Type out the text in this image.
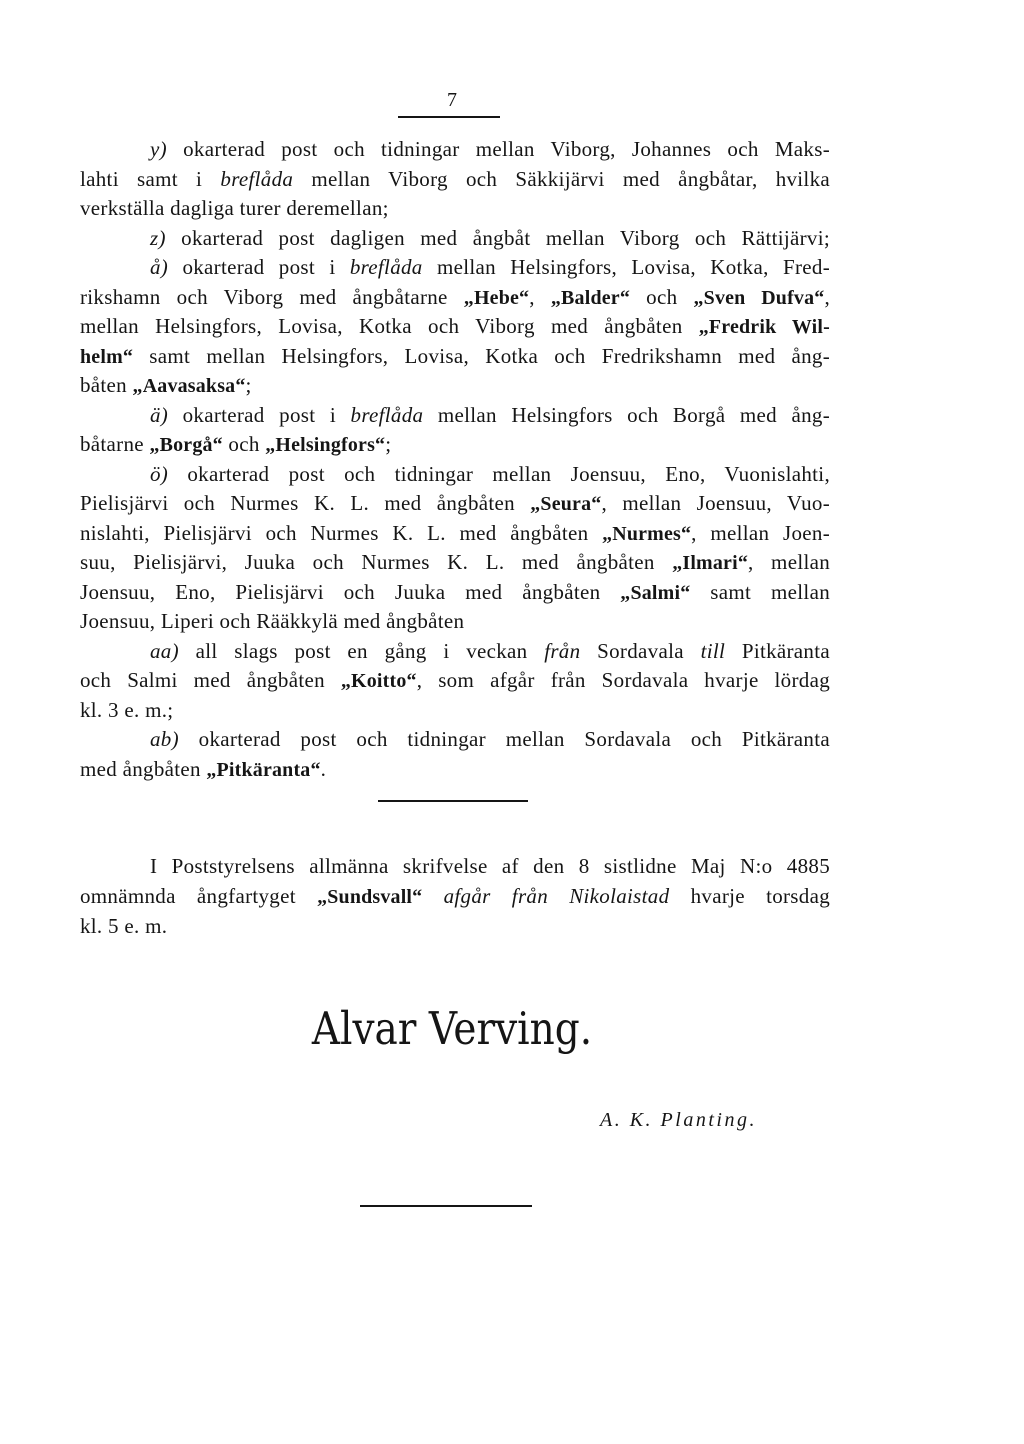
7
y) okarterad post och tidningar mellan Viborg, Johannes och Maks-
lahti samt i breflåda mellan Viborg och Säkkijärvi med ångbåtar, hvilka
verkställa dagliga turer deremellan;
z) okarterad post dagligen med ångbåt mellan Viborg och Rättijärvi;
å) okarterad post i breflåda mellan Helsingfors, Lovisa, Kotka, Fred-
rikshamn och Viborg med ångbåtarne „Hebe“, „Balder“ och „Sven Dufva“,
mellan Helsingfors, Lovisa, Kotka och Viborg med ångbåten „Fredrik Wil-
helm“ samt mellan Helsingfors, Lovisa, Kotka och Fredrikshamn med ång-
båten „Aavasaksa“;
ä) okarterad post i breflåda mellan Helsingfors och Borgå med ång-
båtarne „Borgå“ och „Helsingfors“;
ö) okarterad post och tidningar mellan Joensuu, Eno, Vuonislahti,
Pielisjärvi och Nurmes K. L. med ångbåten „Seura“, mellan Joensuu, Vuo-
nislahti, Pielisjärvi och Nurmes K. L. med ångbåten „Nurmes“, mellan Joen-
suu, Pielisjärvi, Juuka och Nurmes K. L. med ångbåten „Ilmari“, mellan
Joensuu, Eno, Pielisjärvi och Juuka med ångbåten „Salmi“ samt mellan
Joensuu, Liperi och Rääkkylä med ångbåten
aa) all slags post en gång i veckan från Sordavala till Pitkäranta
och Salmi med ångbåten „Koitto“, som afgår från Sordavala hvarje lördag
kl. 3 e. m.;
ab) okarterad post och tidningar mellan Sordavala och Pitkäranta
med ångbåten „Pitkäranta“.
I Poststyrelsens allmänna skrifvelse af den 8 sistlidne Maj N:o 4885
omnämnda ångfartyget „Sundsvall“ afgår från Nikolaistad hvarje torsdag
kl. 5 e. m.
Alvar Verving.
A. K. Planting.
